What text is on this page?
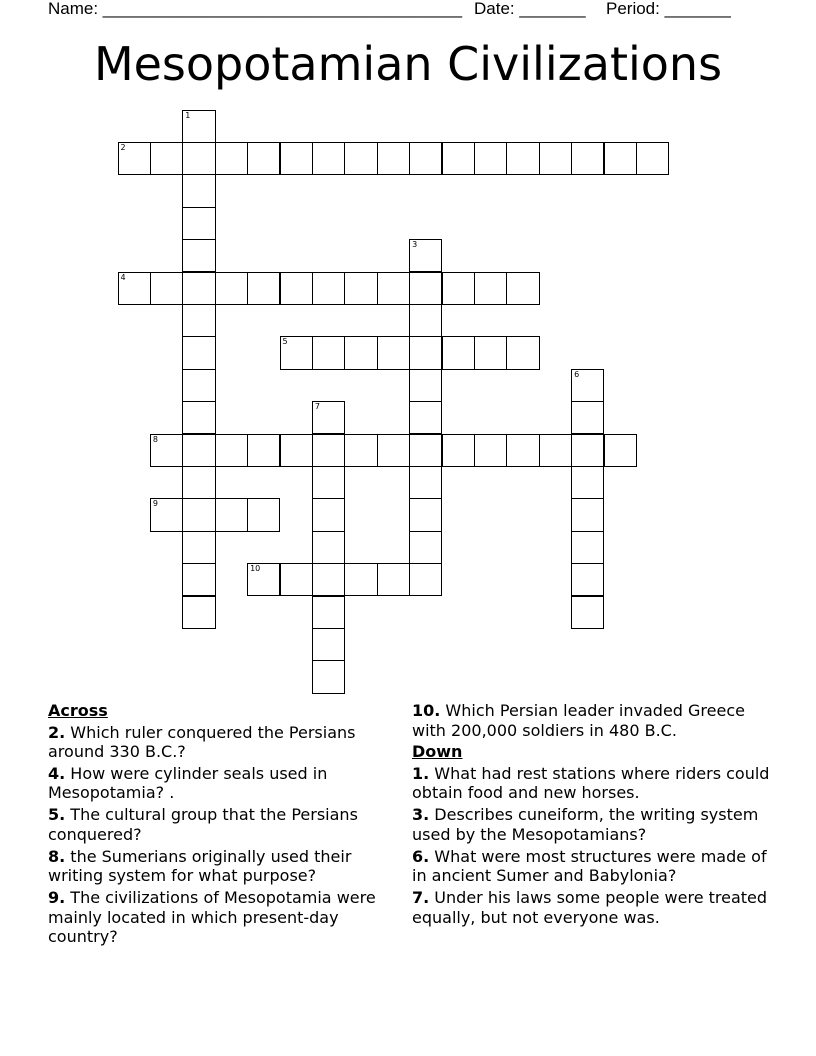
Name: ______________________________________ Date: _______ Period: _______
Mesopotamian Civilizations
1
2
3
4
5
6
7
8
9
10
Across
2. Which ruler conquered the Persians around 330 B.C.?
4. How were cylinder seals used in Mesopotamia? .
5. The cultural group that the Persians conquered?
8. the Sumerians originally used their writing system for what purpose?
9. The civilizations of Mesopotamia were mainly located in which present-day country?
10. Which Persian leader invaded Greece with 200,000 soldiers in 480 B.C.
Down
1. What had rest stations where riders could obtain food and new horses.
3. Describes cuneiform, the writing system used by the Mesopotamians?
6. What were most structures were made of in ancient Sumer and Babylonia?
7. Under his laws some people were treated equally, but not everyone was.
